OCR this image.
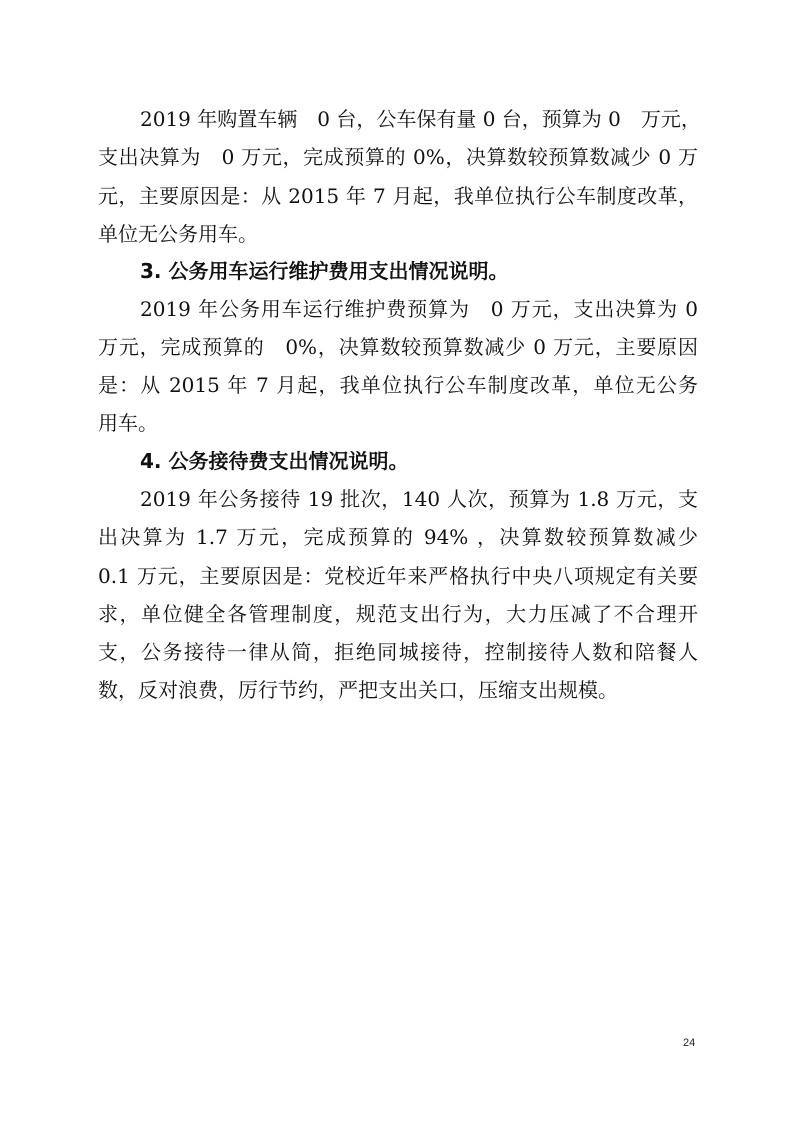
2019 年购置车辆　0 台，公车保有量 0 台，预算为 0　万元，
支出决算为　0 万元，完成预算的 0%，决算数较预算数减少 0 万
元，主要原因是：从 2015 年 7 月起，我单位执行公车制度改革，
单位无公务用车。
3. 公务用车运行维护费用支出情况说明。
2019 年公务用车运行维护费预算为　0 万元，支出决算为 0
万元，完成预算的　0%，决算数较预算数减少 0 万元，主要原因
是：从 2015 年 7 月起，我单位执行公车制度改革，单位无公务
用车。
4. 公务接待费支出情况说明。
2019 年公务接待 19 批次，140 人次，预算为 1.8 万元，支
出决算为 1.7 万元，完成预算的 94% ，决算数较预算数减少
0.1 万元，主要原因是：党校近年来严格执行中央八项规定有关要
求，单位健全各管理制度，规范支出行为，大力压减了不合理开
支，公务接待一律从简，拒绝同城接待，控制接待人数和陪餐人
数，反对浪费，厉行节约，严把支出关口，压缩支出规模。
24
